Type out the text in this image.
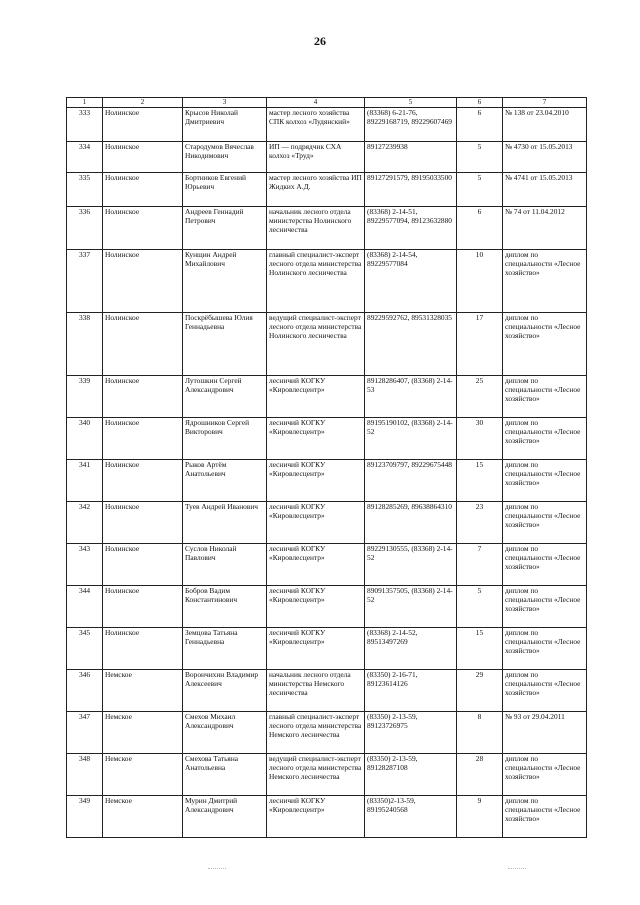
26
1	2	3	4	5	6	7
333	Нолинское	Крысов Николай Дмитриевич	мастер лесного хозяйства СПК колхоз «Лудянский»	(83368) 6-21-76, 89229168719, 89229607469	6	№ 138 от 23.04.2010
334	Нолинское	Стародумов Вячеслав Никодимович	ИП — подрядчик СХА колхоз «Труд»	89127239938	5	№ 4730 от 15.05.2013
335	Нолинское	Бортников Евгений Юрьевич	мастер лесного хозяйства ИП Жидких А.Д.	89127291579, 89195033500	5	№ 4741 от 15.05.2013
336	Нолинское	Андреев Геннадий Петрович	начальник лесного отдела министерства Нолинского лесничества	(83368) 2-14-51, 89229577094, 89123632880	6	№ 74 от 11.04.2012
337	Нолинское	Кунщин Андрей Михайлович	главный специалист-эксперт лесного отдела министерства Нолинского лесничества	(83368) 2-14-54, 89229577084	10	диплом по специальности «Лесное хозяйство»
338	Нолинское	Поскрёбышева Юлия Геннадьевна	ведущий специалист-эксперт лесного отдела министерства Нолинского лесничества	89229592762, 89531328035	17	диплом по специальности «Лесное хозяйство»
339	Нолинское	Лутошкин Сергей Александрович	лесничий КОГКУ «Кировлесцентр»	89128286407, (83368) 2-14-53	25	диплом по специальности «Лесное хозяйство»
340	Нолинское	Ядрошников Сергей Викторович	лесничий КОГКУ «Кировлесцентр»	89195190102, (83368) 2-14-52	30	диплом по специальности «Лесное хозяйство»
341	Нолинское	Рыков Артём Анатольевич	лесничий КОГКУ «Кировлесцентр»	89123709797, 89229675448	15	диплом по специальности «Лесное хозяйство»
342	Нолинское	Туев Андрей Иванович	лесничий КОГКУ «Кировлесцентр»	89128285269, 89638864310	23	диплом по специальности «Лесное хозяйство»
343	Нолинское	Суслов Николай Павлович	лесничий КОГКУ «Кировлесцентр»	89229130555, (83368) 2-14-52	7	диплом по специальности «Лесное хозяйство»
344	Нолинское	Бобров Вадим Константинович	лесничий КОГКУ «Кировлесцентр»	89091357505, (83368) 2-14-52	5	диплом по специальности «Лесное хозяйство»
345	Нолинское	Земцова Татьяна Геннадьевна	лесничий КОГКУ «Кировлесцентр»	(83368) 2-14-52, 89513497269	15	диплом по специальности «Лесное хозяйство»
346	Немское	Ворончихин Владимир Алексеевич	начальник лесного отдела министерства Немского лесничества	(83350) 2-16-71, 89123614126	29	диплом по специальности «Лесное хозяйство»
347	Немское	Смехов Михаил Александрович	главный специалист-эксперт лесного отдела министерства Немского лесничества	(83350) 2-13-59, 89123726975	8	№ 93 от 29.04.2011
348	Немское	Смехова Татьяна Анатольевна	ведущий специалист-эксперт лесного отдела министерства Немского лесничества	(83350) 2-13-59, 89128287108	28	диплом по специальности «Лесное хозяйство»
349	Немское	Мурин Дмитрий Александрович	лесничий КОГКУ «Кировлесцентр»	(83350)2-13-59, 89195240568	9	диплом по специальности «Лесное хозяйство»
